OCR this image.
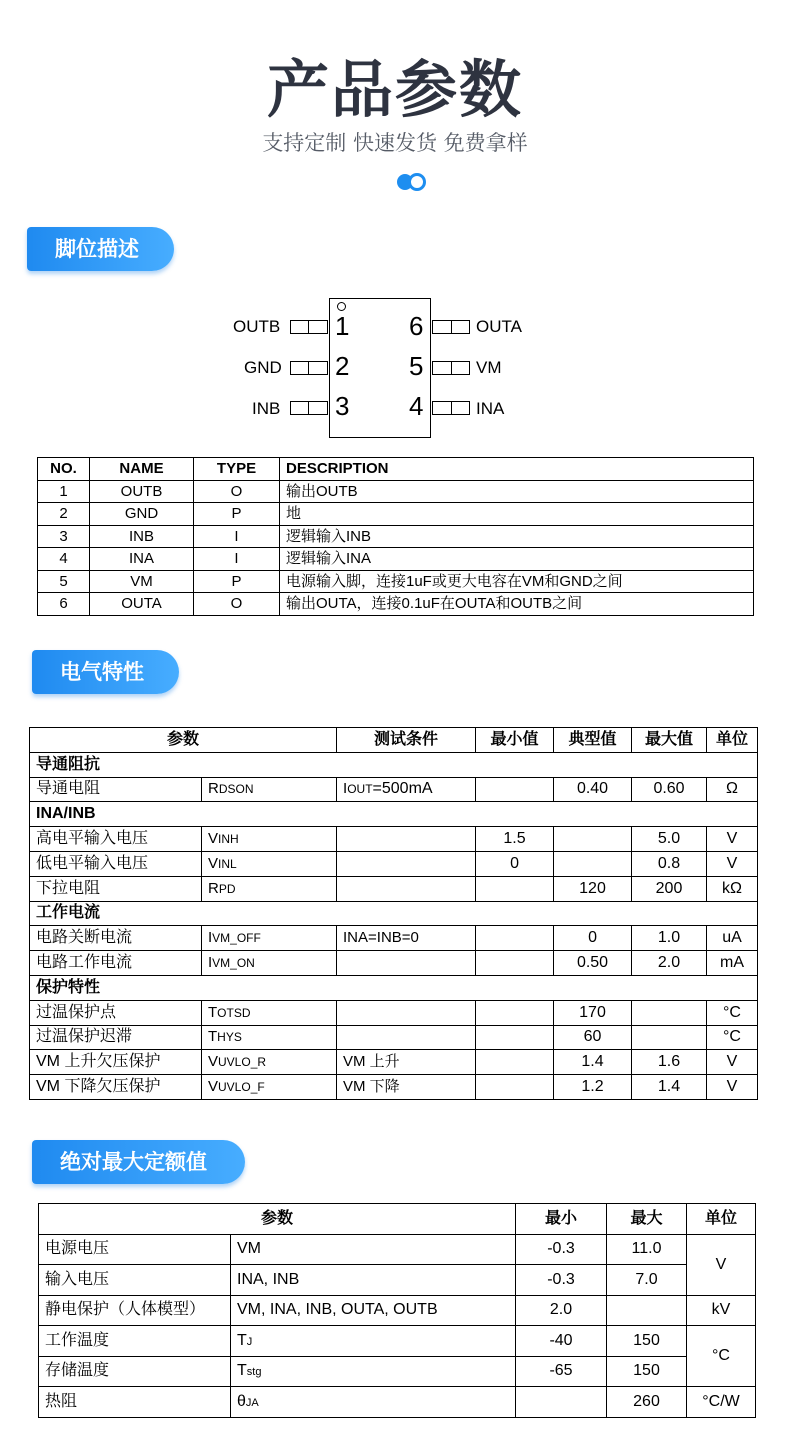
产品参数
支持定制 快速发货 免费拿样
脚位描述
OUTB 1
GND 2
INB 3
6	OUTA
5	VM
4	INA
NO.	NAME	TYPE	DESCRIPTION
1	OUTB	O	输出OUTB
2	GND	P	地
3	INB	I	逻辑输入INB
4	INA	I	逻辑输入INA
5	VM	P	电源输入脚，连接1uF或更大电容在VM和GND之间
6	OUTA	O	输出OUTA，连接0.1uF在OUTA和OUTB之间
电气特性
参数		测试条件	最小值	典型值	最大值	单位
导通阻抗						
导通电阻	RDSON	IOUT=500mA		0.40	0.60	Ω
INA/INB						
高电平输入电压	VINH		1.5		5.0	V
低电平输入电压	VINL		0		0.8	V
下拉电阻	RPD			120	200	kΩ
工作电流						
电路关断电流	IVM_OFF	INA=INB=0		0	1.0	uA
电路工作电流	IVM_ON			0.50	2.0	mA
保护特性						
过温保护点	TOTSD			170		°C
过温保护迟滞	THYS			60		°C
VM 上升欠压保护	VUVLO_R	VM 上升		1.4	1.6	V
VM 下降欠压保护	VUVLO_F	VM 下降		1.2	1.4	V
绝对最大定额值
参数		最小	最大	单位
电源电压	VM	-0.3	11.0	V
输入电压	INA, INB	-0.3	7.0	
静电保护（人体模型）	VM, INA, INB, OUTA, OUTB	2.0		kV
工作温度	TJ	-40	150	°C
存储温度	Tstg	-65	150	
热阻	θJA		260	°C/W
